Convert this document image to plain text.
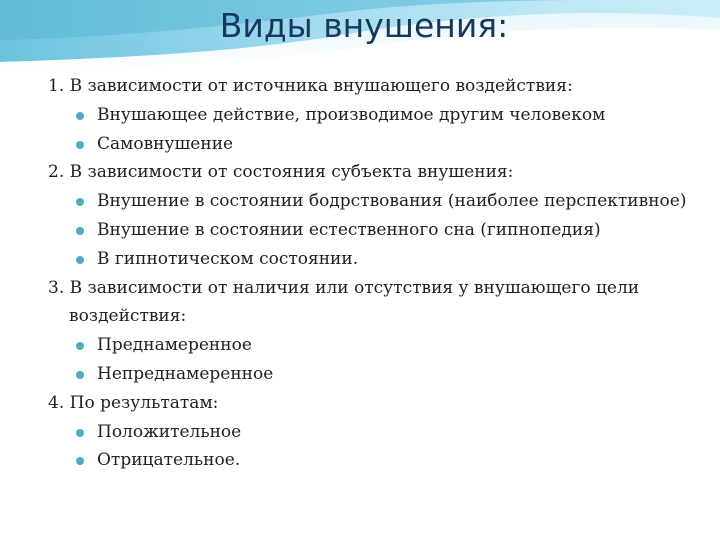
Виды внушения:

1. В зависимости от источника внушающего воздействия:

Внушающее действие, производимое другим человеком
Самовнушение

2. В зависимости от состояния субъекта внушения:

Внушение в состоянии бодрствования (наиболее перспективное)
Внушение в состоянии естественного сна (гипнопедия)
В гипнотическом состоянии.

3. В зависимости от наличия или отсутствия у внушающего цели воздействия:

Преднамеренное
Непреднамеренное

4. По результатам:

Положительное
Отрицательное.
